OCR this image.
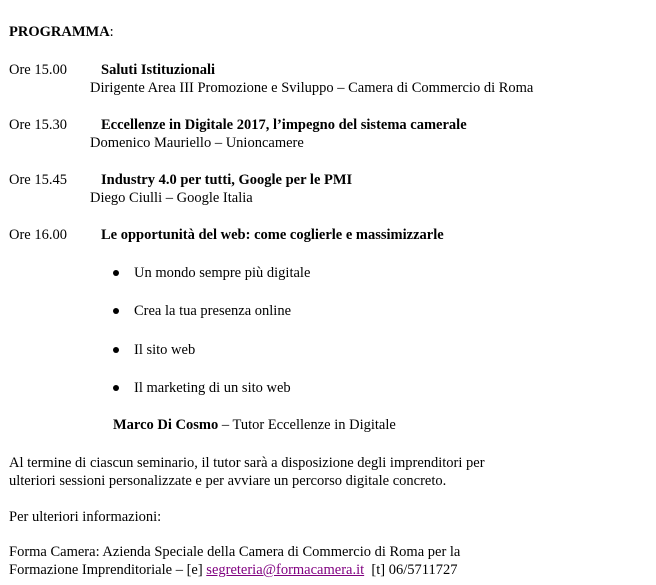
PROGRAMMA:
Ore 15.00 Saluti Istituzionali
Dirigente Area III Promozione e Sviluppo – Camera di Commercio di Roma
Ore 15.30 Eccellenze in Digitale 2017, l’impegno del sistema camerale
Domenico Mauriello – Unioncamere
Ore 15.45 Industry 4.0 per tutti, Google per le PMI
Diego Ciulli – Google Italia
Ore 16.00 Le opportunità del web: come coglierle e massimizzarle
Un mondo sempre più digitale
Crea la tua presenza online
Il sito web
Il marketing di un sito web
Marco Di Cosmo – Tutor Eccellenze in Digitale
Al termine di ciascun seminario, il tutor sarà a disposizione degli imprenditori per
ulteriori sessioni personalizzate e per avviare un percorso digitale concreto.
Per ulteriori informazioni:
Forma Camera: Azienda Speciale della Camera di Commercio di Roma per la
Formazione Imprenditoriale – [e] segreteria@formacamera.it  [t] 06/5711727
